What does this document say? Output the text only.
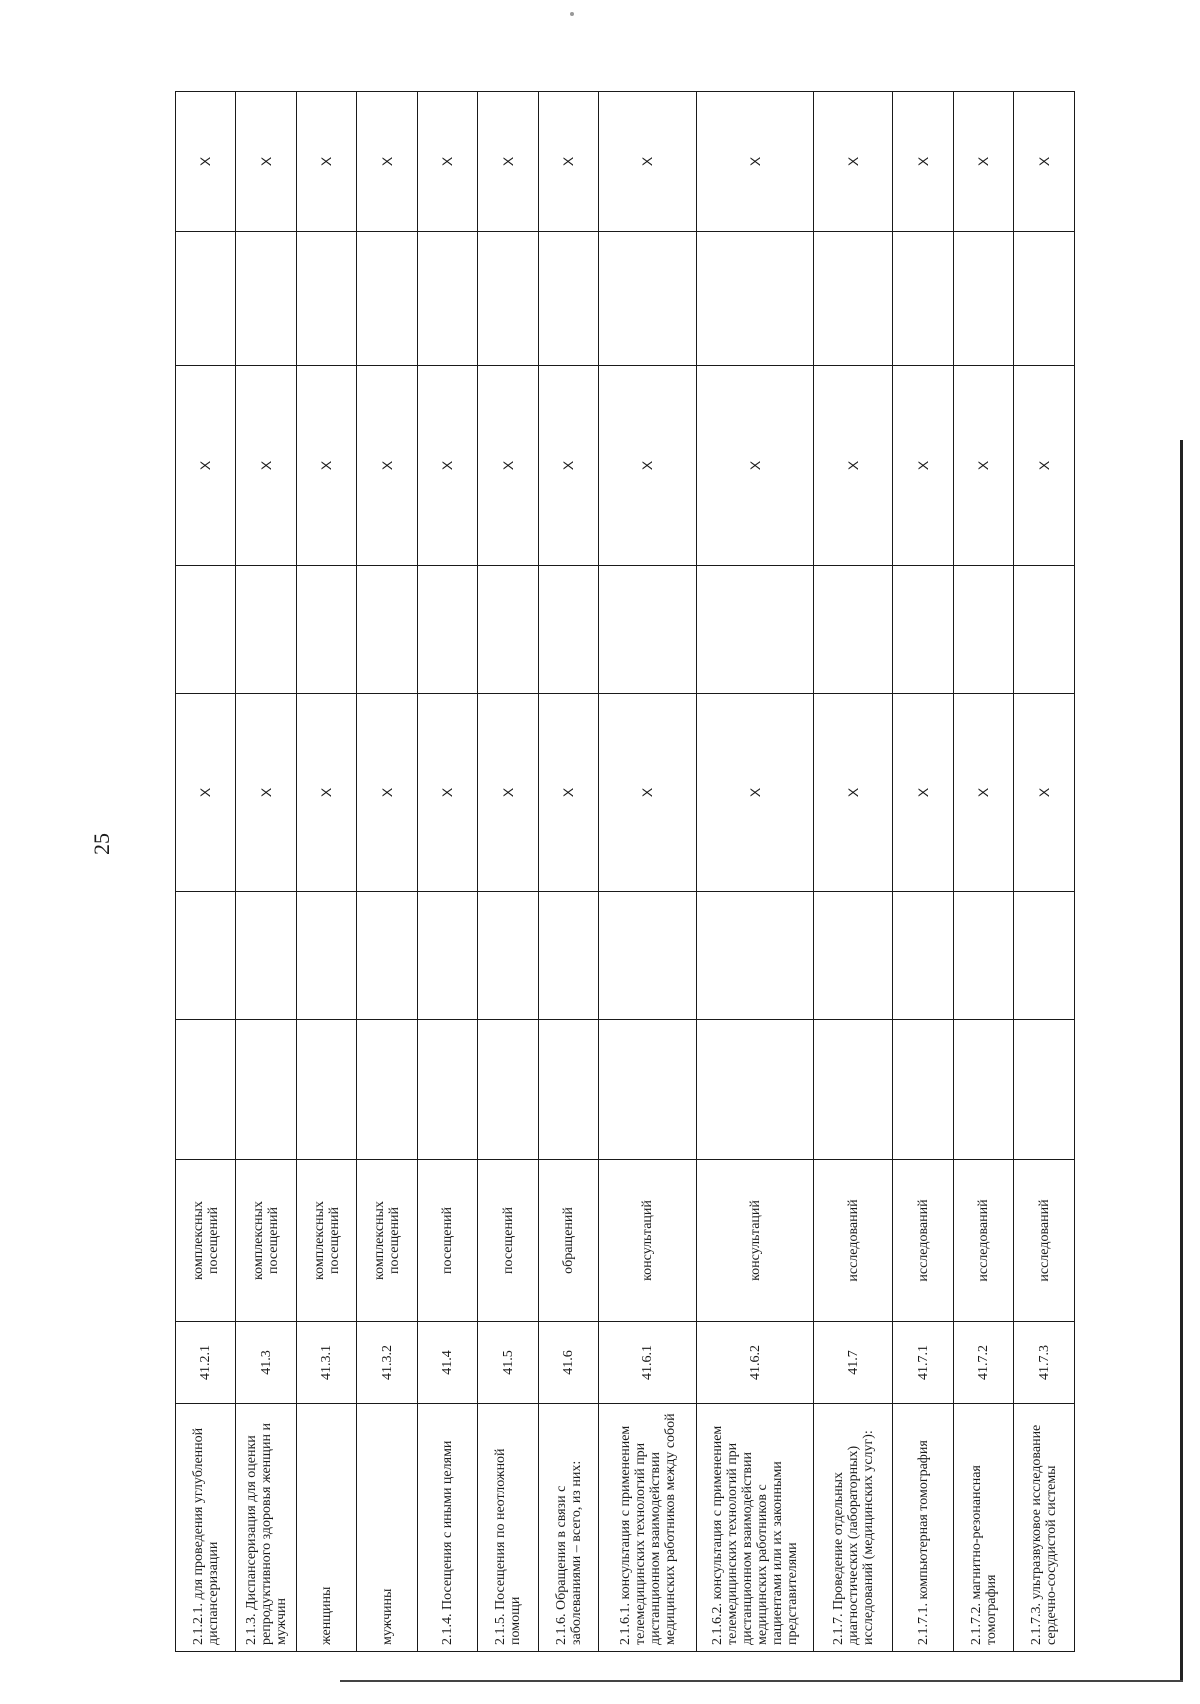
25
2.1.2.1. для проведения углубленной диспансеризации	41.2.1	комплексных посещений			X		X		X
2.1.3. Диспансеризация для оценки репродуктивного здоровья женщин и мужчин	41.3	комплексных посещений			X		X		X
женщины	41.3.1	комплексных посещений			X		X		X
мужчины	41.3.2	комплексных посещений			X		X		X
2.1.4. Посещения с иными целями	41.4	посещений			X		X		X
2.1.5. Посещения по неотложной помощи	41.5	посещений			X		X		X
2.1.6. Обращения в связи с заболеваниями – всего, из них:	41.6	обращений			X		X		X
2.1.6.1. консультация с применением телемедицинских технологий при дистанционном взаимодействии медицинских работников между собой	41.6.1	консультаций			X		X		X
2.1.6.2. консультация с применением телемедицинских технологий при дистанционном взаимодействии медицинских работников с пациентами или их законными представителями	41.6.2	консультаций			X		X		X
2.1.7. Проведение отдельных диагностических (лабораторных) исследований (медицинских услуг):	41.7	исследований			X		X		X
2.1.7.1. компьютерная томография	41.7.1	исследований			X		X		X
2.1.7.2. магнитно-резонансная томография	41.7.2	исследований			X		X		X
2.1.7.3. ультразвуковое исследование сердечно-сосудистой системы	41.7.3	исследований			X		X		X
